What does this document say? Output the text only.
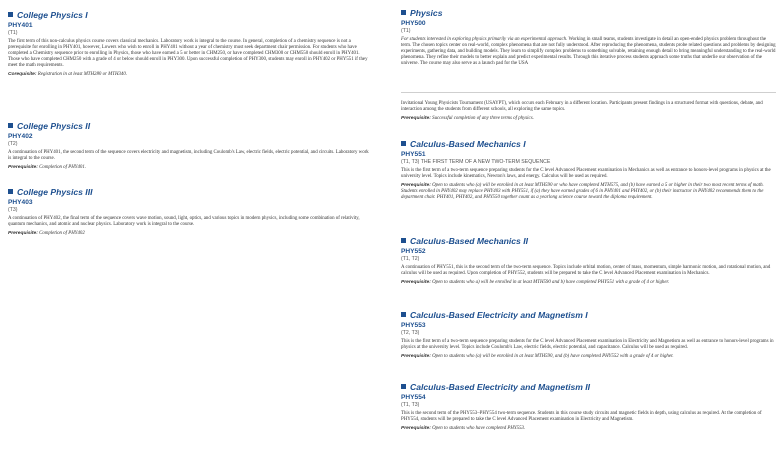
College Physics I
PHY401
(T1)
The first term of this non-calculus physics course covers classical mechanics. Laboratory work is integral to the course. In general, completion of a chemistry sequence is not a prerequisite for enrolling in PHY401, however, Lowers who wish to enroll in PHY401 without a year of chemistry must seek department chair permission. For students who have completed a Chemistry sequence prior to enrolling in Physics, those who have earned a 5 or better in CHM250, or have completed CHM300 or CHM550 should enroll in PHY401. Those who have completed CHM250 with a grade of 4 or below should enroll in PHY300. Upon successful completion of PHY300, students may enroll in PHY402 or PHY551 if they meet the math requirements.
Corequisite: Registration in at least MTH280 or MTH340.
College Physics II
PHY402
(T2)
A continuation of PHY401, the second term of the sequence covers electricity and magnetism, including Coulomb's Law, electric fields, electric potential, and circuits. Laboratory work is integral to the course.
Prerequisite: Completion of PHY401.
College Physics III
PHY403
(T3)
A continuation of PHY402, the final term of the sequence covers wave motion, sound, light, optics, and various topics in modern physics, including some combination of relativity, quantum mechanics, and atomic and nuclear physics. Laboratory work is integral to the course.
Prerequisite: Completion of PHY402
Physics
PHY500
(T1)
For students interested in exploring physics primarily via an experimental approach. Working in small teams, students investigate in detail an open-ended physics problem throughout the term. The chosen topics center on real-world, complex phenomena that are not fully understood. After reproducing the phenomena, students probe related questions and problems by designing experiments, gathering data, and building models. They learn to simplify complex problems to something solvable, retaining enough detail to bring meaningful understanding to the real-world phenomena. They refine their models to better explain and predict experimental results. Through this iterative process students approach some truths that underlie our observation of the universe. The course may also serve as a launch pad for the USA
Invitational Young Physicists Tournament (USAYPT), which occurs each February in a different location. Participants present findings in a structured format with questions, debate, and interaction among the students from different schools, all exploring the same topics.
Prerequisite: Successful completion of any three terms of physics.
Calculus-Based Mechanics I
PHY551
(T1, T3) THE FIRST TERM OF A NEW TWO-TERM SEQUENCE
This is the first term of a two-term sequence preparing students for the C level Advanced Placement examination in Mechanics as well as entrance to honors-level programs in physics at the university level. Topics include kinematics, Newton's laws, and energy. Calculus will be used as required.
Prerequisite: Open to students who (a) will be enrolled in at least MTH590 or who have completed MTH575, and (b) have earned a 5 or higher in their two most recent terms of math. Students enrolled in PHY402 may replace PHY403 with PHY551, if (a) they have earned grades of 6 in PHY401 and PHY402, or (b) their instructor in PHY402 recommends them to the department chair. PHY401, PHY402, and PHY550 together count as a yearlong science course toward the diploma requirement.
Calculus-Based Mechanics II
PHY552
(T1, T2)
A continuation of PHY551, this is the second term of the two-term sequence. Topics include orbital motion, center of mass, momentum, simple harmonic motion, and rotational motion, and calculus will be used as required. Upon completion of PHY552, students will be prepared to take the C level Advanced Placement examination in Mechanics.
Prerequisite: Open to students who a) will be enrolled in at least MTH590 and b) have completed PHY551 with a grade of 4 or higher.
Calculus-Based Electricity and Magnetism I
PHY553
(T2, T3)
This is the first term of a two-term sequence preparing students for the C level Advanced Placement examination in Electricity and Magnetism as well as entrance to honors-level programs in physics at the university level. Topics include Coulomb's Law, electric fields, electric potential, and capacitance. Calculus will be used as required.
Prerequisite: Open to students who (a) will be enrolled in at least MTH590, and (b) have completed PHY552 with a grade of 4 or higher.
Calculus-Based Electricity and Magnetism II
PHY554
(T1, T3)
This is the second term of the PHY553–PHY554 two-term sequence. Students in this course study circuits and magnetic fields in depth, using calculus as required. At the completion of PHY554, students will be prepared to take the C level Advanced Placement examination in Electricity and Magnetism.
Prerequisite: Open to students who have completed PHY553.
